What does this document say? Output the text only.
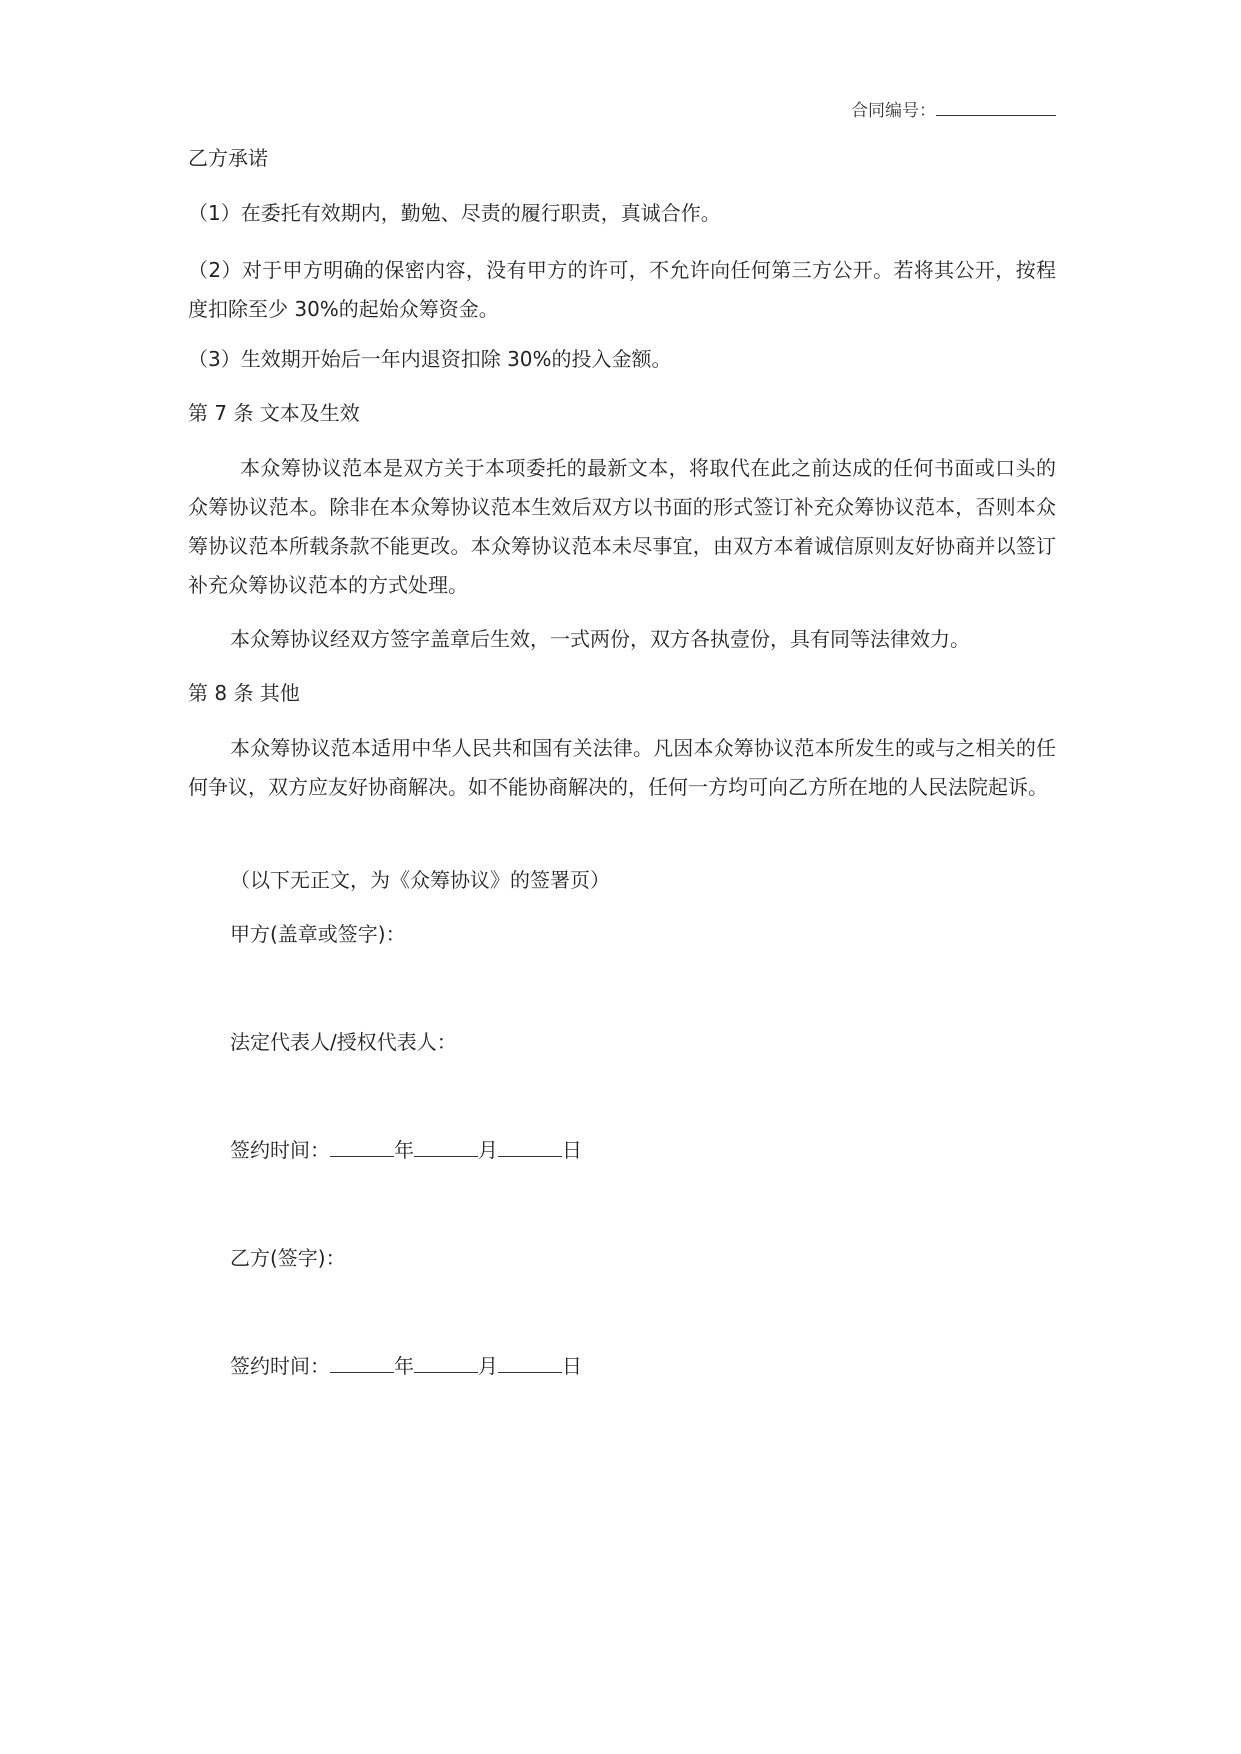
合同编号：
乙方承诺
（1）在委托有效期内，勤勉、尽责的履行职责，真诚合作。
（2）对于甲方明确的保密内容，没有甲方的许可，不允许向任何第三方公开。若将其公开，按程度扣除至少 30%的起始众筹资金。
（3）生效期开始后一年内退资扣除 30%的投入金额。
第 7 条 文本及生效
本众筹协议范本是双方关于本项委托的最新文本，将取代在此之前达成的任何书面或口头的众筹协议范本。除非在本众筹协议范本生效后双方以书面的形式签订补充众筹协议范本，否则本众筹协议范本所载条款不能更改。本众筹协议范本未尽事宜，由双方本着诚信原则友好协商并以签订补充众筹协议范本的方式处理。
本众筹协议经双方签字盖章后生效，一式两份，双方各执壹份，具有同等法律效力。
第 8 条 其他
本众筹协议范本适用中华人民共和国有关法律。凡因本众筹协议范本所发生的或与之相关的任何争议，双方应友好协商解决。如不能协商解决的，任何一方均可向乙方所在地的人民法院起诉。
（以下无正文，为《众筹协议》的签署页）
甲方(盖章或签字)：
法定代表人/授权代表人：
签约时间：	年	月	日
乙方(签字)：
签约时间：	年	月	日
